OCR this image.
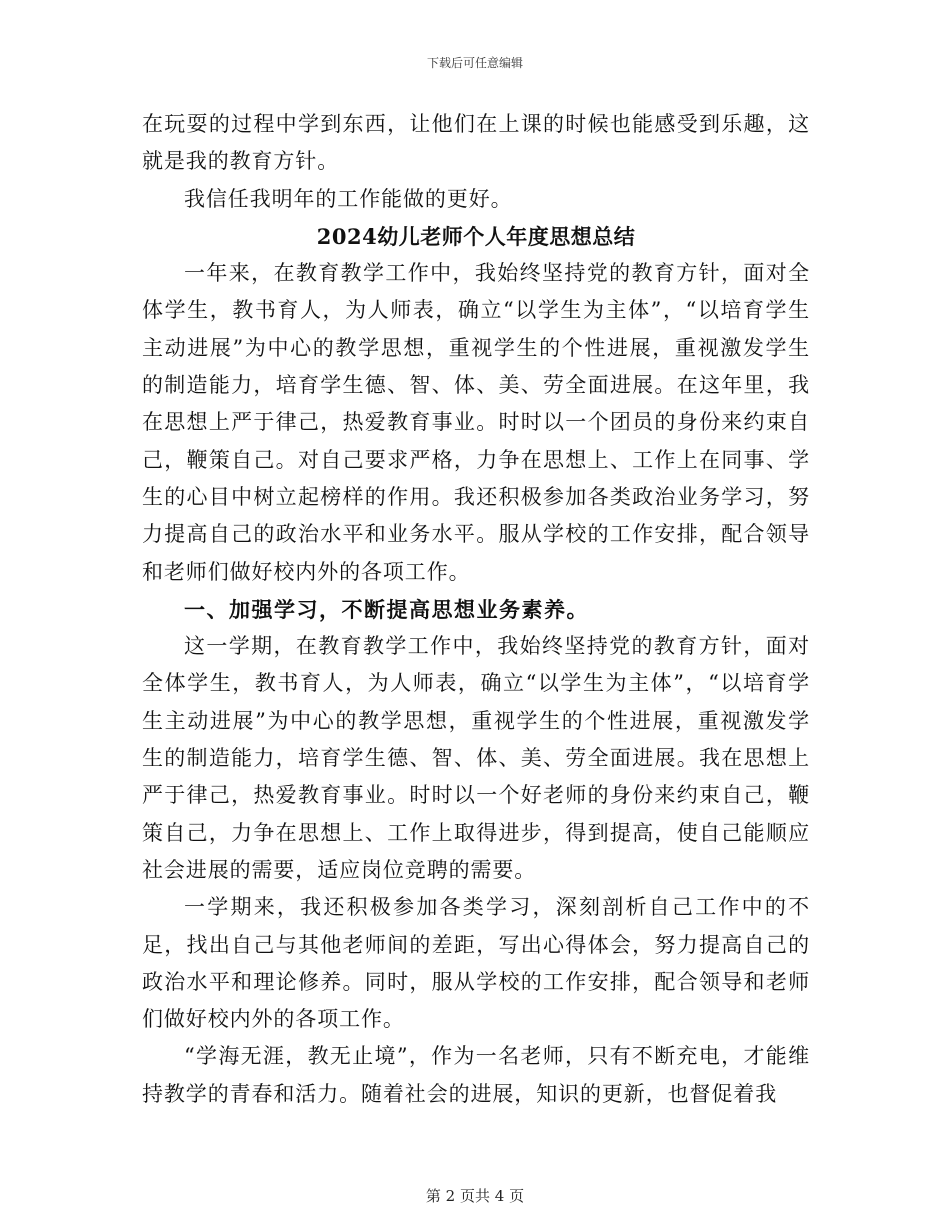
下载后可任意编辑

在玩耍的过程中学到东西，让他们在上课的时候也能感受到乐趣，这就是我的教育方针。

我信任我明年的工作能做的更好。

2024幼儿老师个人年度思想总结

一年来，在教育教学工作中，我始终坚持党的教育方针，面对全体学生，教书育人，为人师表，确立“以学生为主体”，“以培育学生主动进展”为中心的教学思想，重视学生的个性进展，重视激发学生的制造能力，培育学生德、智、体、美、劳全面进展。在这年里，我在思想上严于律己，热爱教育事业。时时以一个团员的身份来约束自己，鞭策自己。对自己要求严格，力争在思想上、工作上在同事、学生的心目中树立起榜样的作用。我还积极参加各类政治业务学习，努力提高自己的政治水平和业务水平。服从学校的工作安排，配合领导和老师们做好校内外的各项工作。

一、加强学习，不断提高思想业务素养。

这一学期，在教育教学工作中，我始终坚持党的教育方针，面对全体学生，教书育人，为人师表，确立“以学生为主体”，“以培育学生主动进展”为中心的教学思想，重视学生的个性进展，重视激发学生的制造能力，培育学生德、智、体、美、劳全面进展。我在思想上严于律己，热爱教育事业。时时以一个好老师的身份来约束自己，鞭策自己，力争在思想上、工作上取得进步，得到提高，使自己能顺应社会进展的需要，适应岗位竞聘的需要。

一学期来，我还积极参加各类学习，深刻剖析自己工作中的不足，找出自己与其他老师间的差距，写出心得体会，努力提高自己的政治水平和理论修养。同时，服从学校的工作安排，配合领导和老师们做好校内外的各项工作。

“学海无涯，教无止境”，作为一名老师，只有不断充电，才能维持教学的青春和活力。随着社会的进展，知识的更新，也督促着我

第 2 页共 4 页
